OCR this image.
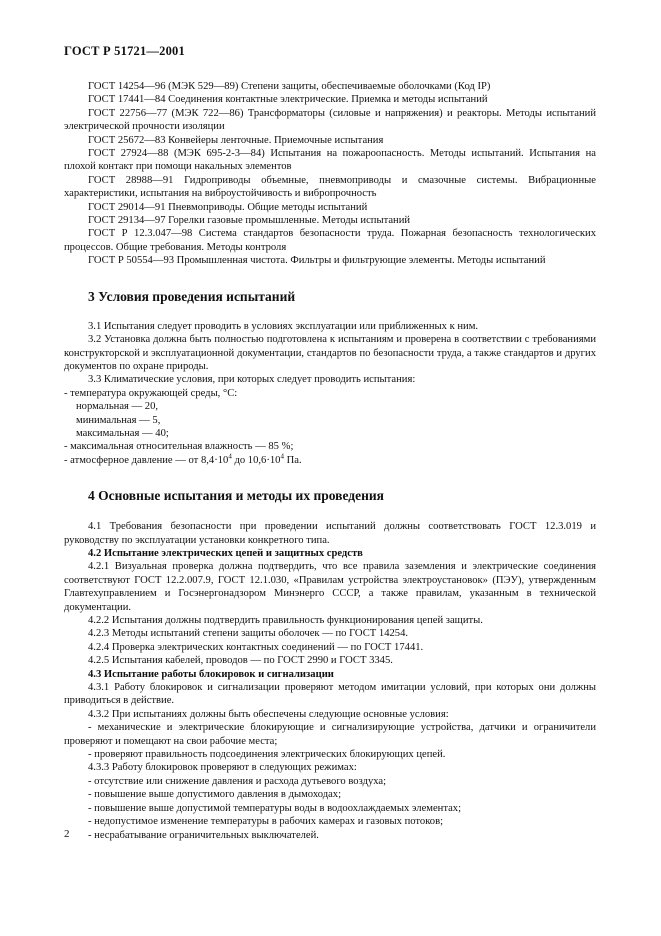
ГОСТ Р 51721—2001

ГОСТ 14254—96 (МЭК 529—89) Степени защиты, обеспечиваемые оболочками (Код IP)

ГОСТ 17441—84 Соединения контактные электрические. Приемка и методы испытаний

ГОСТ 22756—77 (МЭК 722—86) Трансформаторы (силовые и напряжения) и реакторы. Методы испытаний электрической прочности изоляции

ГОСТ 25672—83 Конвейеры ленточные. Приемочные испытания

ГОСТ 27924—88 (МЭК 695-2-3—84) Испытания на пожароопасность. Методы испытаний. Испытания на плохой контакт при помощи накальных элементов

ГОСТ 28988—91 Гидроприводы объемные, пневмоприводы и смазочные системы. Вибрационные характеристики, испытания на виброустойчивость и вибропрочность

ГОСТ 29014—91 Пневмоприводы. Общие методы испытаний

ГОСТ 29134—97 Горелки газовые промышленные. Методы испытаний

ГОСТ Р 12.3.047—98 Система стандартов безопасности труда. Пожарная безопасность технологических процессов. Общие требования. Методы контроля

ГОСТ Р 50554—93 Промышленная чистота. Фильтры и фильтрующие элементы. Методы испытаний

3 Условия проведения испытаний

3.1 Испытания следует проводить в условиях эксплуатации или приближенных к ним.

3.2 Установка должна быть полностью подготовлена к испытаниям и проверена в соответствии с требованиями конструкторской и эксплуатационной документации, стандартов по безопасности труда, а также стандартов и других документов по охране природы.

3.3 Климатические условия, при которых следует проводить испытания:

- температура окружающей среды, °С:

нормальная — 20,

минимальная — 5,

максимальная — 40;

- максимальная относительная влажность — 85 %;

- атмосферное давление — от $8,4\cdot 10^4$ до $10,6\cdot 10^4$ Па.

4 Основные испытания и методы их проведения

4.1 Требования безопасности при проведении испытаний должны соответствовать ГОСТ 12.3.019 и руководству по эксплуатации установки конкретного типа.

4.2 Испытание электрических цепей и защитных средств

4.2.1 Визуальная проверка должна подтвердить, что все правила заземления и электрические соединения соответствуют ГОСТ 12.2.007.9, ГОСТ 12.1.030, «Правилам устройства электроустановок» (ПЭУ), утвержденным Главтехуправлением и Госэнергонадзором Минэнерго СССР, а также правилам, указанным в технической документации.

4.2.2 Испытания должны подтвердить правильность функционирования цепей защиты.

4.2.3 Методы испытаний степени защиты оболочек — по ГОСТ 14254.

4.2.4 Проверка электрических контактных соединений — по ГОСТ 17441.

4.2.5 Испытания кабелей, проводов — по ГОСТ 2990 и ГОСТ 3345.

4.3 Испытание работы блокировок и сигнализации

4.3.1 Работу блокировок и сигнализации проверяют методом имитации условий, при которых они должны приводиться в действие.

4.3.2 При испытаниях должны быть обеспечены следующие основные условия:

- механические и электрические блокирующие и сигнализирующие устройства, датчики и ограничители проверяют и помещают на свои рабочие места;

- проверяют правильность подсоединения электрических блокирующих цепей.

4.3.3 Работу блокировок проверяют в следующих режимах:

- отсутствие или снижение давления и расхода дутьевого воздуха;

- повышение выше допустимого давления в дымоходах;

- повышение выше допустимой температуры воды в водоохлаждаемых элементах;

- недопустимое изменение температуры в рабочих камерах и газовых потоков;

- несрабатывание ограничительных выключателей.

2
